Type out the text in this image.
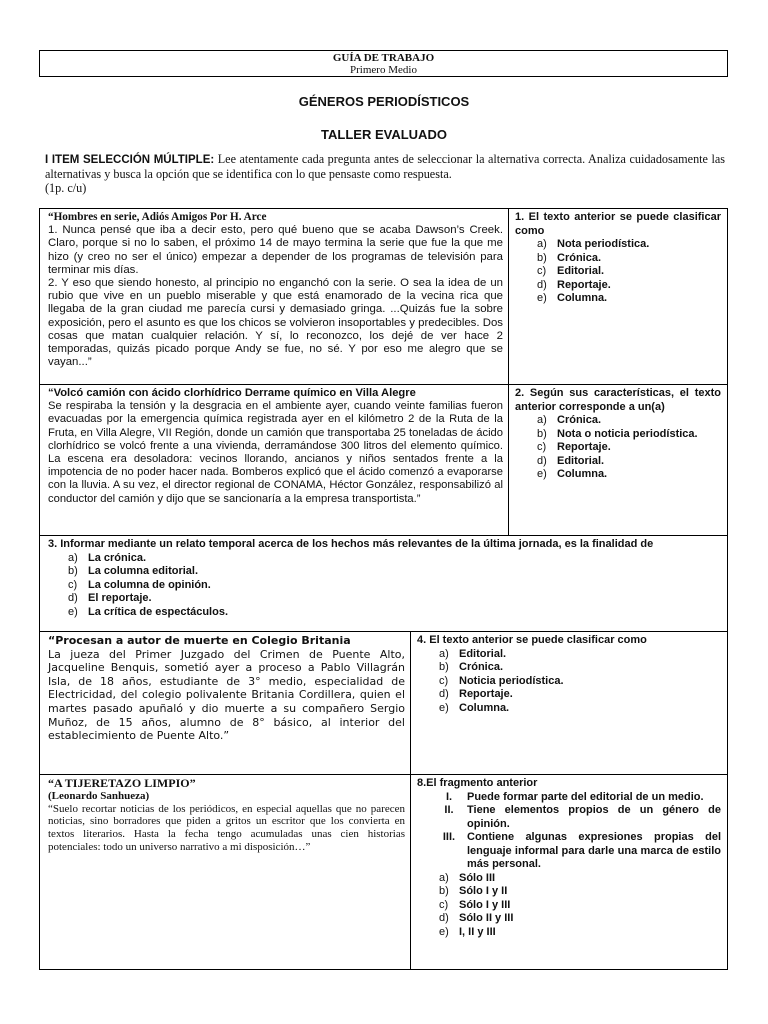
GUÍA DE TRABAJO
Primero Medio
GÉNEROS PERIODÍSTICOS
TALLER EVALUADO
I ITEM SELECCIÓN MÚLTIPLE: Lee atentamente cada pregunta antes de seleccionar la alternativa correcta. Analiza cuidadosamente las alternativas y busca la opción que se identifica con lo que pensaste como respuesta.
(1p. c/u)
“Hombres en serie, Adiós Amigos Por H. Arce
1. Nunca pensé que iba a decir esto, pero qué bueno que se acaba Dawson’s Creek. Claro, porque si no lo saben, el próximo 14 de mayo termina la serie que fue la que me hizo (y creo no ser el único) empezar a depender de los programas de televisión para terminar mis días.
2. Y eso que siendo honesto, al principio no enganchó con la serie. O sea la idea de un rubio que vive en un pueblo miserable y que está enamorado de la vecina rica que llegaba de la gran ciudad me parecía cursi y demasiado gringa. ...Quizás fue la sobre exposición, pero el asunto es que los chicos se volvieron insoportables y predecibles. Dos cosas que matan cualquier relación. Y sí, lo reconozco, los dejé de ver hace 2 temporadas, quizás picado porque Andy se fue, no sé. Y por eso me alegro que se vayan...”
1. El texto anterior se puede clasificar como
a) Nota periodística.
b) Crónica.
c) Editorial.
d) Reportaje.
e) Columna.
“Volcó camión con ácido clorhídrico Derrame químico en Villa Alegre
Se respiraba la tensión y la desgracia en el ambiente ayer, cuando veinte familias fueron evacuadas por la emergencia química registrada ayer en el kilómetro 2 de la Ruta de la Fruta, en Villa Alegre, VII Región, donde un camión que transportaba 25 toneladas de ácido clorhídrico se volcó frente a una vivienda, derramándose 300 litros del elemento químico. La escena era desoladora: vecinos llorando, ancianos y niños sentados frente a la impotencia de no poder hacer nada. Bomberos explicó que el ácido comenzó a evaporarse con la lluvia. A su vez, el director regional de CONAMA, Héctor González, responsabilizó al conductor del camión y dijo que se sancionaría a la empresa transportista.”
2. Según sus características, el texto anterior corresponde a un(a)
a) Crónica.
b) Nota o noticia periodística.
c) Reportaje.
d) Editorial.
e) Columna.
3. Informar mediante un relato temporal acerca de los hechos más relevantes de la última jornada, es la finalidad de
a) La crónica.
b) La columna editorial.
c) La columna de opinión.
d) El reportaje.
e) La crítica de espectáculos.
“Procesan a autor de muerte en Colegio Britania
La jueza del Primer Juzgado del Crimen de Puente Alto, Jacqueline Benquis, sometió ayer a proceso a Pablo Villagrán Isla, de 18 años, estudiante de 3° medio, especialidad de Electricidad, del colegio polivalente Britania Cordillera, quien el martes pasado apuñaló y dio muerte a su compañero Sergio Muñoz, de 15 años, alumno de 8° básico, al interior del establecimiento de Puente Alto.”
4. El texto anterior se puede clasificar como
a) Editorial.
b) Crónica.
c) Noticia periodística.
d) Reportaje.
e) Columna.
“A TIJERETAZO LIMPIO”
(Leonardo Sanhueza)
“Suelo recortar noticias de los periódicos, en especial aquellas que no parecen noticias, sino borradores que piden a gritos un escritor que los convierta en textos literarios. Hasta la fecha tengo acumuladas unas cien historias potenciales: todo un universo narrativo a mi disposición…”
8.El fragmento anterior
I.	Puede formar parte del editorial de un medio.
II.	Tiene elementos propios de un género de opinión.
III.	Contiene algunas expresiones propias del lenguaje informal para darle una marca de estilo más personal.
a) Sólo III
b) Sólo I y II
c) Sólo I y III
d) Sólo II y III
e) I, II y III
